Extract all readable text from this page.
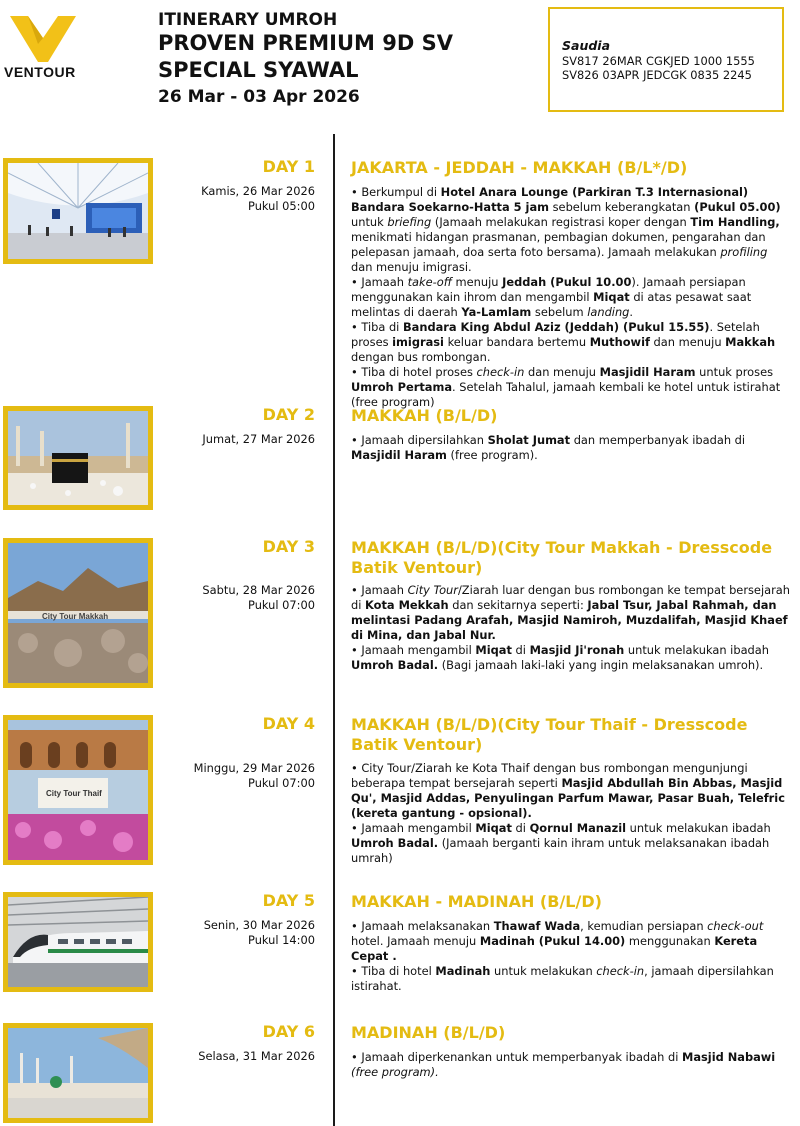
VENTOUR
ITINERARY UMROH
PROVEN PREMIUM 9D SV
SPECIAL SYAWAL
26 Mar - 03 Apr 2026
Saudia
SV817 26MAR CGKJED 1000 1555
SV826 03APR JEDCGK 0835 2245
DAY 1
Kamis, 26 Mar 2026
Pukul 05:00
JAKARTA - JEDDAH - MAKKAH (B/L*/D)
• Berkumpul di Hotel Anara Lounge (Parkiran T.3 Internasional) Bandara Soekarno-Hatta 5 jam sebelum keberangkatan (Pukul 05.00) untuk briefing (Jamaah melakukan registrasi koper dengan Tim Handling, menikmati hidangan prasmanan, pembagian dokumen, pengarahan dan pelepasan jamaah, doa serta foto bersama). Jamaah melakukan profiling dan menuju imigrasi.
• Jamaah take-off menuju Jeddah (Pukul 10.00). Jamaah persiapan menggunakan kain ihrom dan mengambil Miqat di atas pesawat saat melintas di daerah Ya-Lamlam sebelum landing.
• Tiba di Bandara King Abdul Aziz (Jeddah) (Pukul 15.55). Setelah proses imigrasi keluar bandara bertemu Muthowif dan menuju Makkah dengan bus rombongan.
• Tiba di hotel proses check-in dan menuju Masjidil Haram untuk proses Umroh Pertama. Setelah Tahalul, jamaah kembali ke hotel untuk istirahat (free program)
DAY 2
Jumat, 27 Mar 2026
MAKKAH (B/L/D)
• Jamaah dipersilahkan Sholat Jumat dan memperbanyak ibadah di Masjidil Haram (free program).
City Tour Makkah
DAY 3
Sabtu, 28 Mar 2026
Pukul 07:00
MAKKAH (B/L/D)(City Tour Makkah - Dresscode Batik Ventour)
• Jamaah City Tour/Ziarah luar dengan bus rombongan ke tempat bersejarah di Kota Mekkah dan sekitarnya seperti: Jabal Tsur, Jabal Rahmah, dan melintasi Padang Arafah, Masjid Namiroh, Muzdalifah, Masjid Khaef di Mina, dan Jabal Nur.
• Jamaah mengambil Miqat di Masjid Ji'ronah untuk melakukan ibadah Umroh Badal. (Bagi jamaah laki-laki yang ingin melaksanakan umroh).
City Tour Thaif
DAY 4
Minggu, 29 Mar 2026
Pukul 07:00
MAKKAH (B/L/D)(City Tour Thaif - Dresscode Batik Ventour)
• City Tour/Ziarah ke Kota Thaif dengan bus rombongan mengunjungi beberapa tempat bersejarah seperti Masjid Abdullah Bin Abbas, Masjid Qu', Masjid Addas, Penyulingan Parfum Mawar, Pasar Buah, Telefric (kereta gantung - opsional).
• Jamaah mengambil Miqat di Qornul Manazil untuk melakukan ibadah Umroh Badal. (Jamaah berganti kain ihram untuk melaksanakan ibadah umrah)
DAY 5
Senin, 30 Mar 2026
Pukul 14:00
MAKKAH - MADINAH (B/L/D)
• Jamaah melaksanakan Thawaf Wada, kemudian persiapan check-out hotel. Jamaah menuju Madinah (Pukul 14.00) menggunakan Kereta Cepat .
• Tiba di hotel Madinah untuk melakukan check-in, jamaah dipersilahkan istirahat.
DAY 6
Selasa, 31 Mar 2026
MADINAH (B/L/D)
• Jamaah diperkenankan untuk memperbanyak ibadah di Masjid Nabawi (free program).
